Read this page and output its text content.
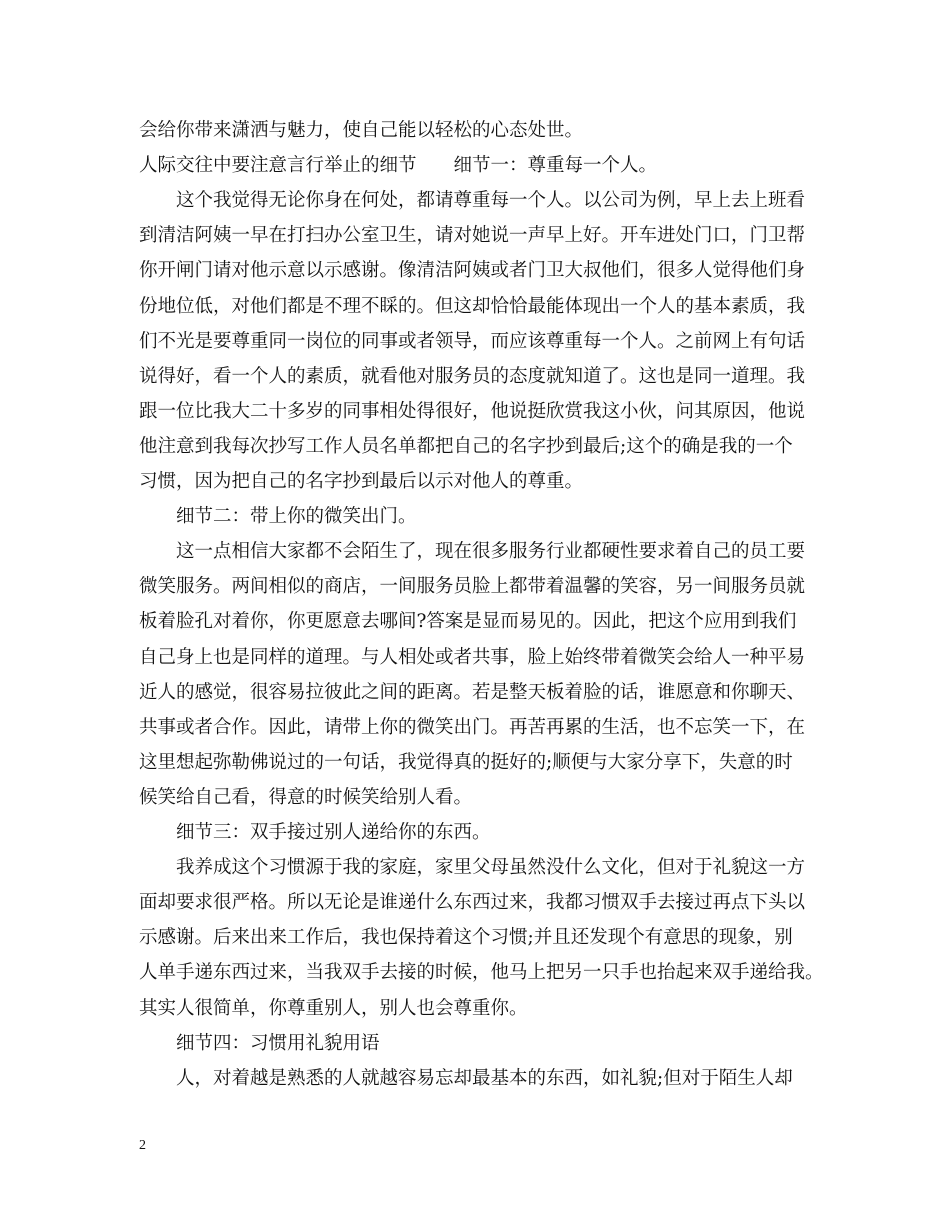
会给你带来潇洒与魅力，使自己能以轻松的心态处世。
人际交往中要注意言行举止的细节　　细节一：尊重每一个人。
这个我觉得无论你身在何处，都请尊重每一个人。以公司为例，早上去上班看
到清洁阿姨一早在打扫办公室卫生，请对她说一声早上好。开车进处门口，门卫帮
你开闸门请对他示意以示感谢。像清洁阿姨或者门卫大叔他们，很多人觉得他们身
份地位低，对他们都是不理不睬的。但这却恰恰最能体现出一个人的基本素质，我
们不光是要尊重同一岗位的同事或者领导，而应该尊重每一个人。之前网上有句话
说得好，看一个人的素质，就看他对服务员的态度就知道了。这也是同一道理。我
跟一位比我大二十多岁的同事相处得很好，他说挺欣赏我这小伙，问其原因，他说
他注意到我每次抄写工作人员名单都把自己的名字抄到最后;这个的确是我的一个
习惯，因为把自己的名字抄到最后以示对他人的尊重。
细节二：带上你的微笑出门。
这一点相信大家都不会陌生了，现在很多服务行业都硬性要求着自己的员工要
微笑服务。两间相似的商店，一间服务员脸上都带着温馨的笑容，另一间服务员就
板着脸孔对着你，你更愿意去哪间?答案是显而易见的。因此，把这个应用到我们
自己身上也是同样的道理。与人相处或者共事，脸上始终带着微笑会给人一种平易
近人的感觉，很容易拉彼此之间的距离。若是整天板着脸的话，谁愿意和你聊天、
共事或者合作。因此，请带上你的微笑出门。再苦再累的生活，也不忘笑一下，在
这里想起弥勒佛说过的一句话，我觉得真的挺好的;顺便与大家分享下，失意的时
候笑给自己看，得意的时候笑给别人看。
细节三：双手接过别人递给你的东西。
我养成这个习惯源于我的家庭，家里父母虽然没什么文化，但对于礼貌这一方
面却要求很严格。所以无论是谁递什么东西过来，我都习惯双手去接过再点下头以
示感谢。后来出来工作后，我也保持着这个习惯;并且还发现个有意思的现象，别
人单手递东西过来，当我双手去接的时候，他马上把另一只手也抬起来双手递给我。
其实人很简单，你尊重别人，别人也会尊重你。
细节四：习惯用礼貌用语
人，对着越是熟悉的人就越容易忘却最基本的东西，如礼貌;但对于陌生人却
2
